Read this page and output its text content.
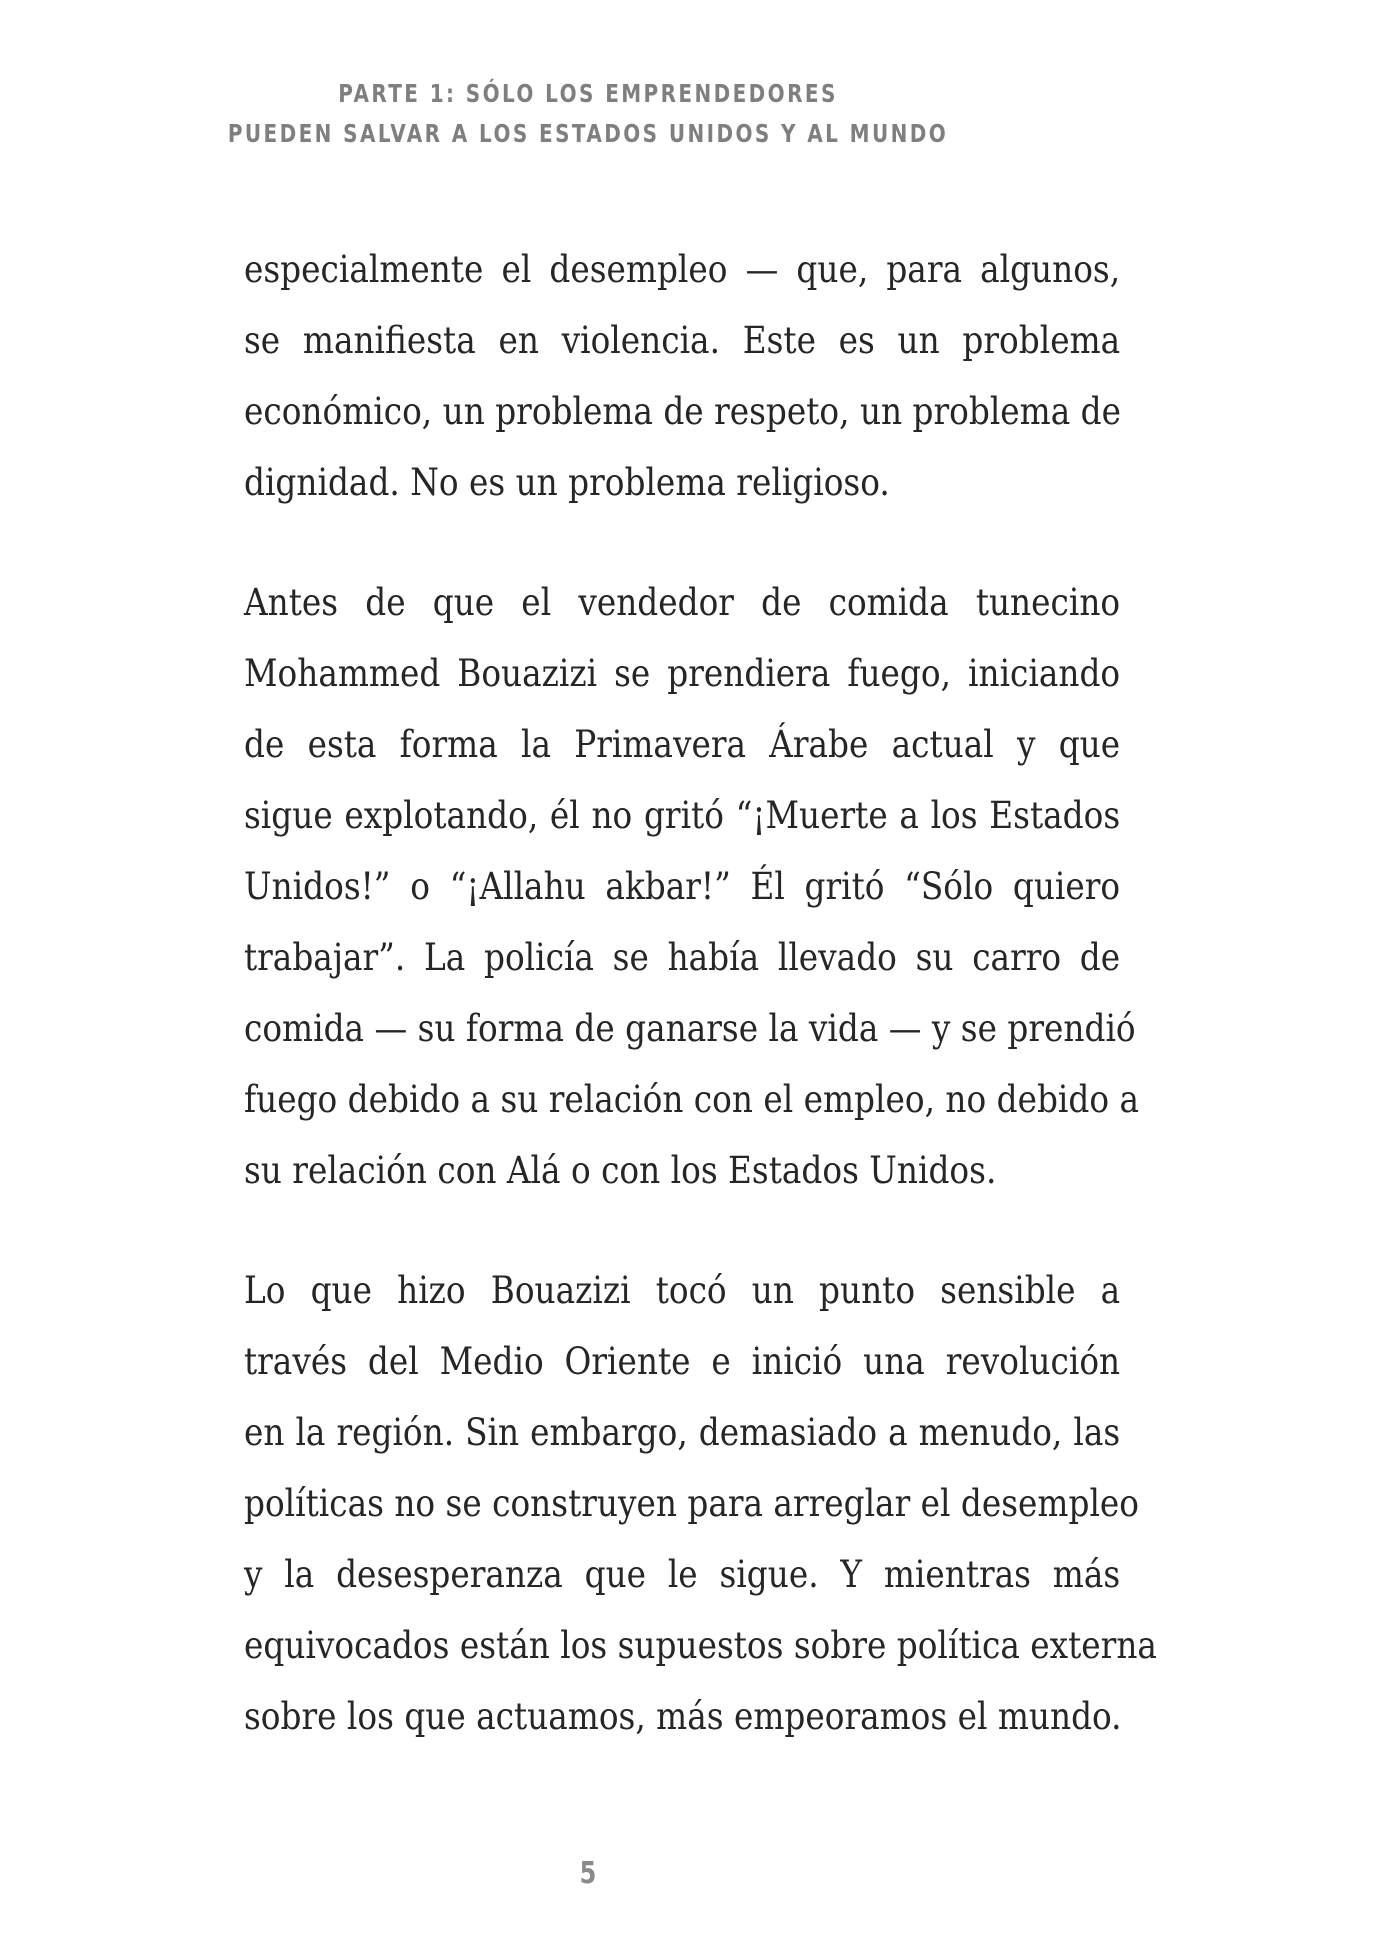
PARTE 1: SÓLO LOS EMPRENDEDORES
PUEDEN SALVAR A LOS ESTADOS UNIDOS Y AL MUNDO
especialmente el desempleo — que, para algunos,
se manifiesta en violencia. Este es un problema
económico, un problema de respeto, un problema de
dignidad. No es un problema religioso.
Antes de que el vendedor de comida tunecino
Mohammed Bouazizi se prendiera fuego, iniciando
de esta forma la Primavera Árabe actual y que
sigue explotando, él no gritó “¡Muerte a los Estados
Unidos!” o “¡Allahu akbar!” Él gritó “Sólo quiero
trabajar”. La policía se había llevado su carro de
comida — su forma de ganarse la vida — y se prendió
fuego debido a su relación con el empleo, no debido a
su relación con Alá o con los Estados Unidos.
Lo que hizo Bouazizi tocó un punto sensible a
través del Medio Oriente e inició una revolución
en la región. Sin embargo, demasiado a menudo, las
políticas no se construyen para arreglar el desempleo
y la desesperanza que le sigue. Y mientras más
equivocados están los supuestos sobre política externa
sobre los que actuamos, más empeoramos el mundo.
5
